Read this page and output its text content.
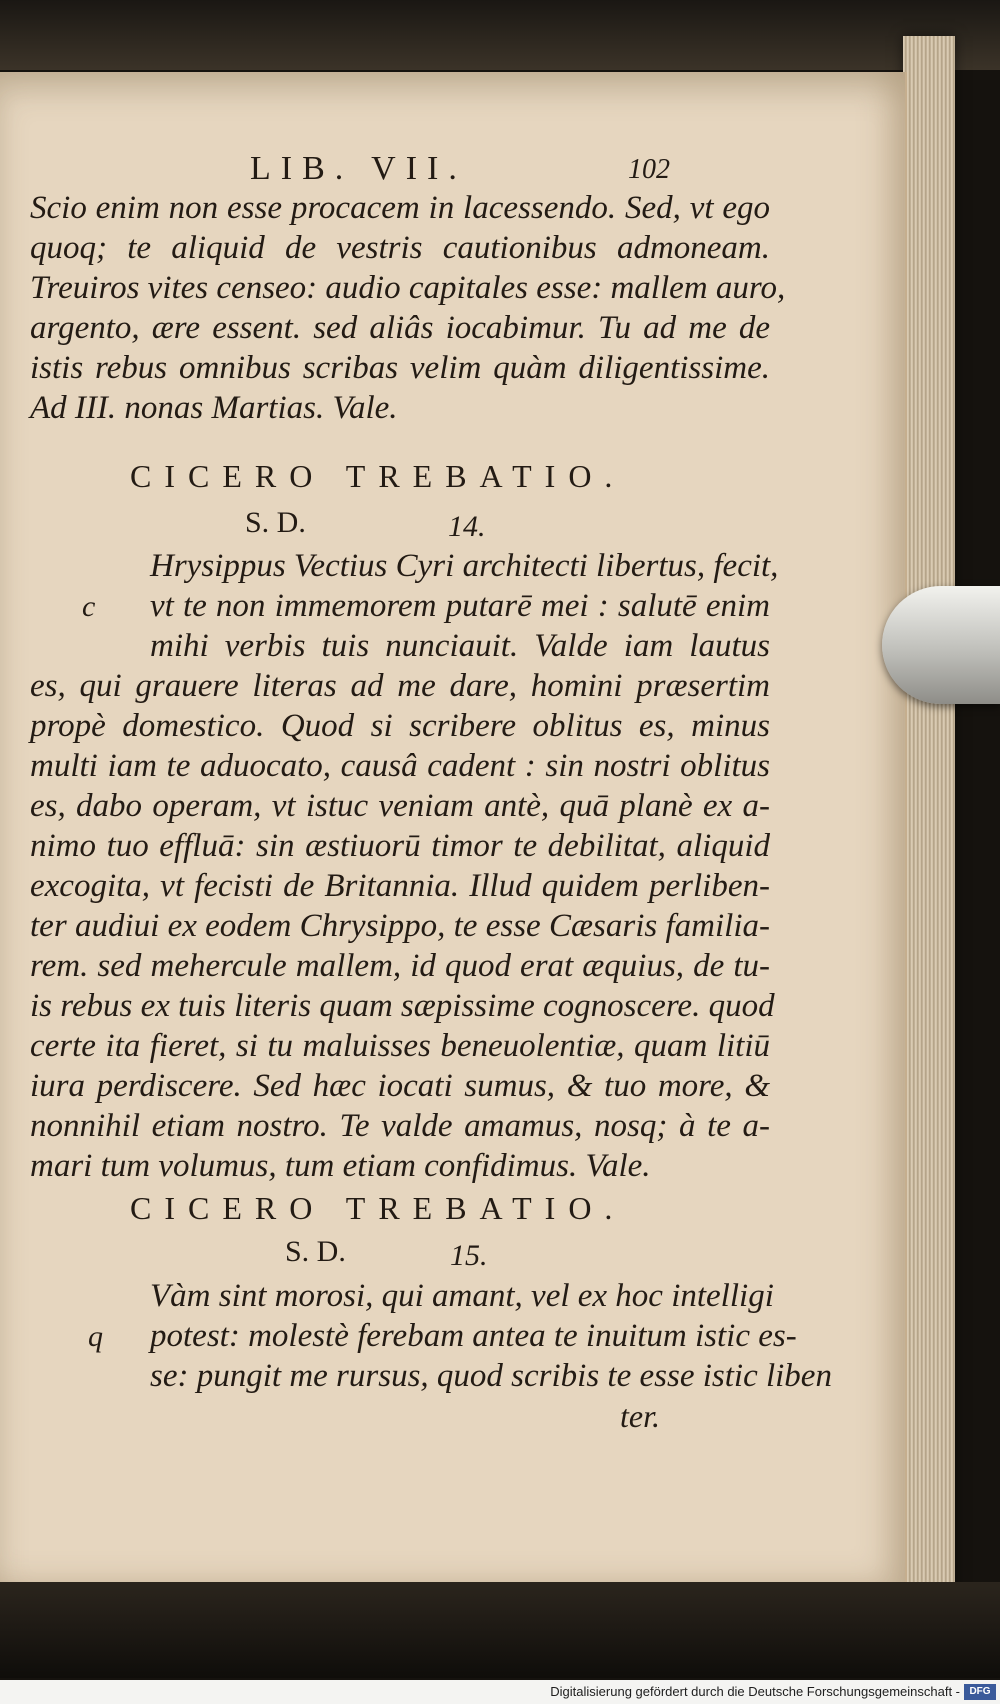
LIB. VII.	102
Scio enim non esse procacem in lacessendo. Sed, vt ego
quoq; te aliquid de vestris cautionibus admoneam.
Treuiros vites censeo: audio capitales esse: mallem auro,
argento, ære essent. sed aliâs iocabimur. Tu ad me de
istis rebus omnibus scribas velim quàm diligentissime.
Ad III. nonas Martias. Vale.
CICERO TREBATIO.
S. D.	14.
Hrysippus Vectius Cyri architecti libertus, fecit,
c	vt te non immemorem putarē mei : salutē enim
mihi verbis tuis nunciauit. Valde iam lautus
es, qui grauere literas ad me dare, homini præsertim
propè domestico. Quod si scribere oblitus es, minus
multi iam te aduocato, causâ cadent : sin nostri oblitus
es, dabo operam, vt istuc veniam antè, quā planè ex a-
nimo tuo effluā: sin æstiuorū timor te debilitat, aliquid
excogita, vt fecisti de Britannia. Illud quidem perliben-
ter audiui ex eodem Chrysippo, te esse Cæsaris familia-
rem. sed mehercule mallem, id quod erat æquius, de tu-
is rebus ex tuis literis quam sæpissime cognoscere. quod
certe ita fieret, si tu maluisses beneuolentiæ, quam litiū
iura perdiscere. Sed hæc iocati sumus, & tuo more, &
nonnihil etiam nostro. Te valde amamus, nosq; à te a-
mari tum volumus, tum etiam confidimus. Vale.
CICERO TREBATIO.
S. D.	15.
Vàm sint morosi, qui amant, vel ex hoc intelligi
q	potest: molestè ferebam antea te inuitum istic es-
se: pungit me rursus, quod scribis te esse istic liben
ter.
Digitalisierung gefördert durch die Deutsche Forschungsgemeinschaft - DFG
